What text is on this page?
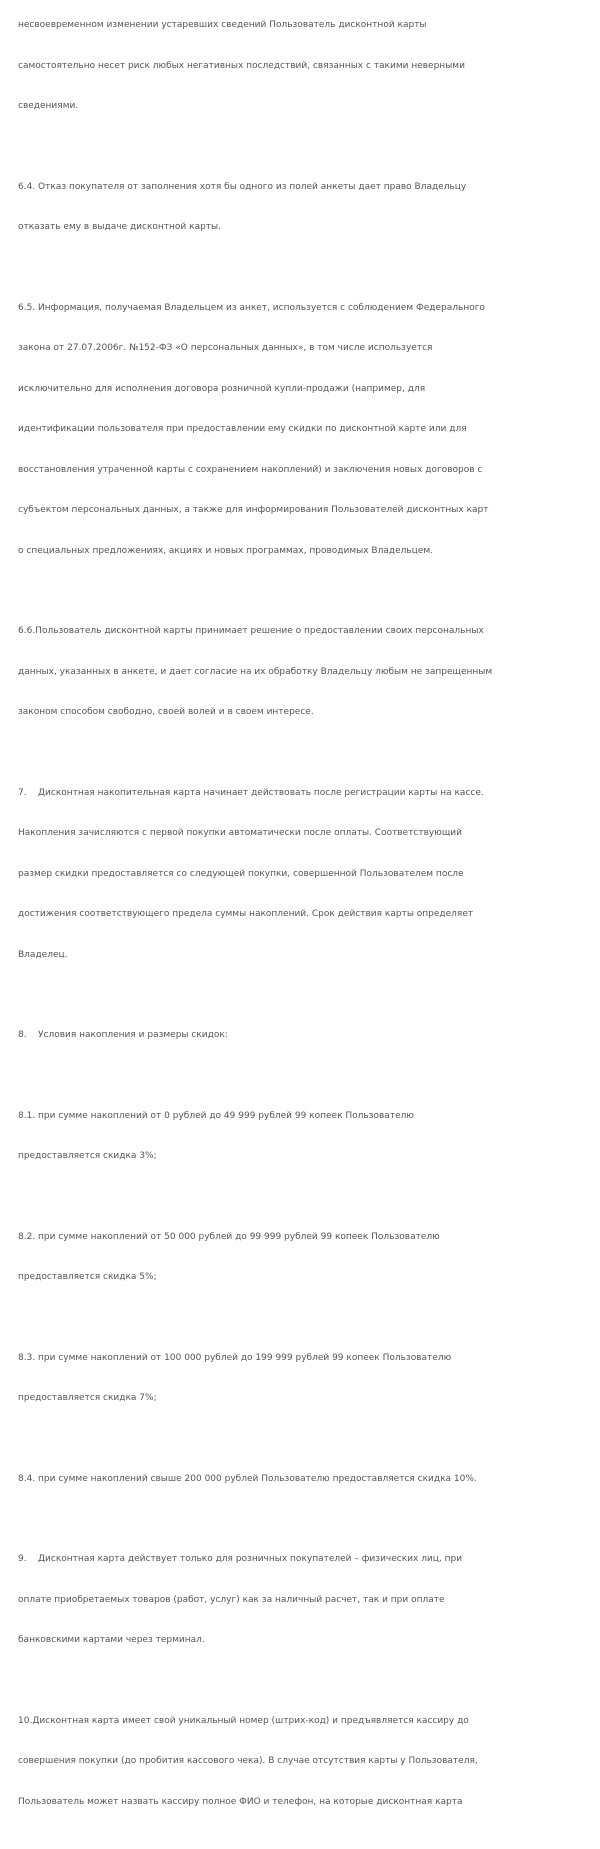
несвоевременном изменении устаревших сведений Пользователь дисконтной карты

самостоятельно несет риск любых негативных последствий, связанных с такими неверными

сведениями.

6.4. Отказ покупателя от заполнения хотя бы одного из полей анкеты дает право Владельцу

отказать ему в выдаче дисконтной карты.

6.5. Информация, получаемая Владельцем из анкет, используется с соблюдением Федерального

закона от 27.07.2006г. №152-ФЗ «О персональных данных», в том числе используется

исключительно для исполнения договора розничной купли-продажи (например, для

идентификации пользователя при предоставлении ему скидки по дисконтной карте или для

восстановления утраченной карты с сохранением накоплений) и заключения новых договоров с

субъектом персональных данных, а также для информирования Пользователей дисконтных карт

о специальных предложениях, акциях и новых программах, проводимых Владельцем.

6.6.Пользователь дисконтной карты принимает решение о предоставлении своих персональных

данных, указанных в анкете, и дает согласие на их обработку Владельцу любым не запрещенным

законом способом свободно, своей волей и в своем интересе.

7.    Дисконтная накопительная карта начинает действовать после регистрации карты на кассе.

Накопления зачисляются с первой покупки автоматически после оплаты. Соответствующий

размер скидки предоставляется со следующей покупки, совершенной Пользователем после

достижения соответствующего предела суммы накоплений. Срок действия карты определяет

Владелец.

8.    Условия накопления и размеры скидок:

8.1. при сумме накоплений от 0 рублей до 49 999 рублей 99 копеек Пользователю

предоставляется скидка 3%;

8.2. при сумме накоплений от 50 000 рублей до 99 999 рублей 99 копеек Пользователю

предоставляется скидка 5%;

8.3. при сумме накоплений от 100 000 рублей до 199 999 рублей 99 копеек Пользователю

предоставляется скидка 7%;

8.4. при сумме накоплений свыше 200 000 рублей Пользователю предоставляется скидка 10%.

9.    Дисконтная карта действует только для розничных покупателей – физических лиц, при

оплате приобретаемых товаров (работ, услуг) как за наличный расчет, так и при оплате

банковскими картами через терминал.

10.Дисконтная карта имеет свой уникальный номер (штрих-код) и предъявляется кассиру до

совершения покупки (до пробития кассового чека). В случае отсутствия карты у Пользователя,

Пользователь может назвать кассиру полное ФИО и телефон, на которые дисконтная карта
